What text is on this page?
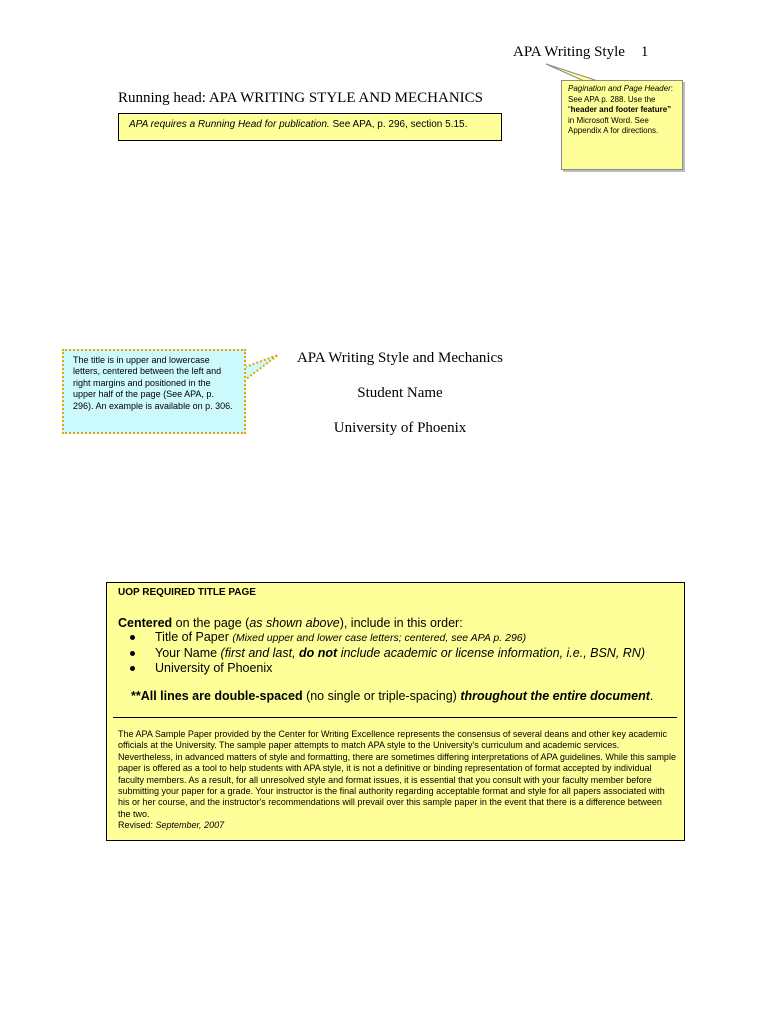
APA Writing Style 1
Running head: APA WRITING STYLE AND MECHANICS
APA requires a Running Head for publication. See APA, p. 296, section 5.15.
Pagination and Page Header: See APA p. 288. Use the “header and footer feature” in Microsoft Word. See Appendix A for directions.
The title is in upper and lowercase letters, centered between the left and right margins and positioned in the upper half of the page (See APA, p. 296). An example is available on p. 306.
APA Writing Style and Mechanics
Student Name
University of Phoenix
UOP REQUIRED TITLE PAGE
Centered on the page (as shown above), include in this order:
Title of Paper (Mixed upper and lower case letters; centered, see APA p. 296)
Your Name (first and last, do not include academic or license information, i.e., BSN, RN)
University of Phoenix
**All lines are double-spaced (no single or triple-spacing) throughout the entire document.
The APA Sample Paper provided by the Center for Writing Excellence represents the consensus of several deans and other key academic officials at the University. The sample paper attempts to match APA style to the University's curriculum and academic services. Nevertheless, in advanced matters of style and formatting, there are sometimes differing interpretations of APA guidelines. While this sample paper is offered as a tool to help students with APA style, it is not a definitive or binding representation of format accepted by individual faculty members. As a result, for all unresolved style and format issues, it is essential that you consult with your faculty member before submitting your paper for a grade. Your instructor is the final authority regarding acceptable format and style for all papers associated with his or her course, and the instructor's recommendations will prevail over this sample paper in the event that there is a difference between the two.
Revised: September, 2007
